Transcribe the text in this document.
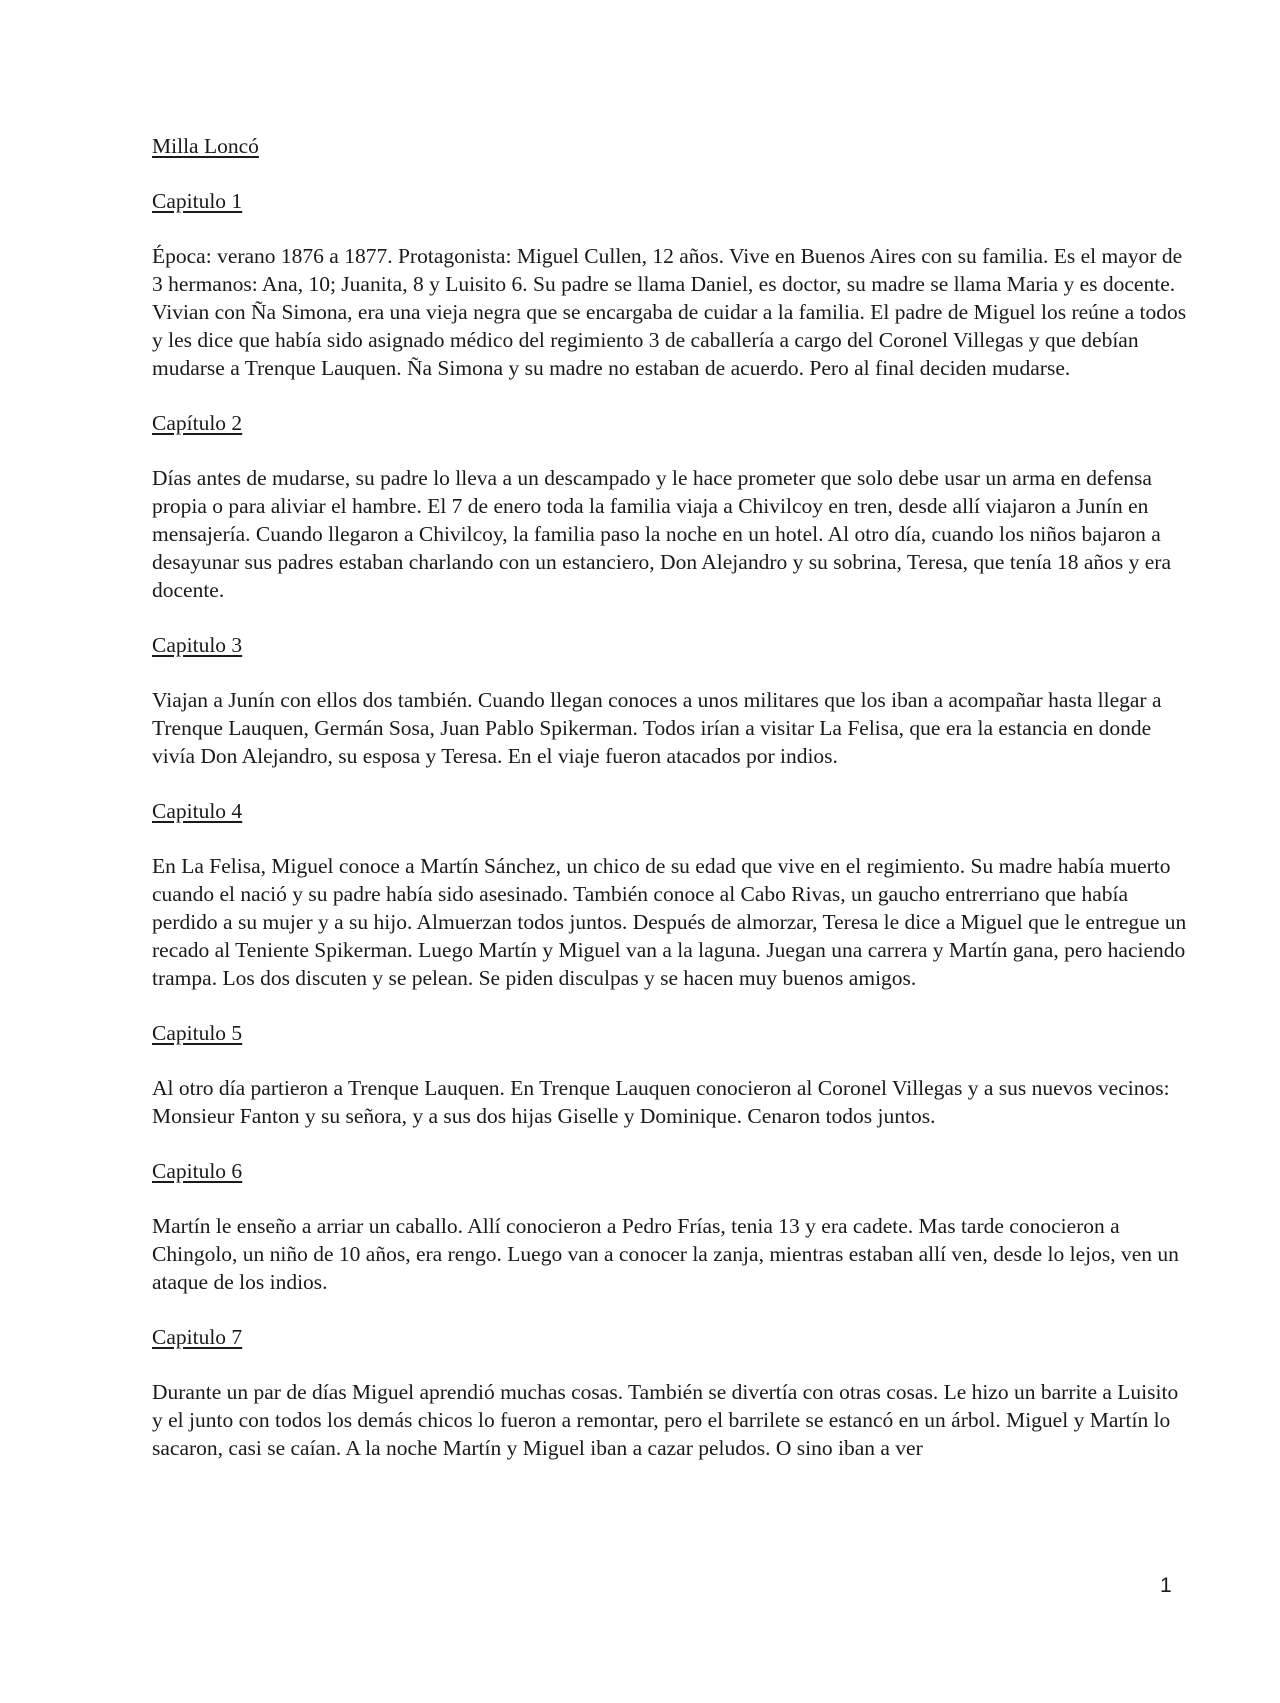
Milla Loncó
Capitulo 1

Época: verano 1876 a 1877. Protagonista: Miguel Cullen, 12 años. Vive en Buenos Aires con su familia. Es el mayor de 3 hermanos: Ana, 10; Juanita, 8 y Luisito 6. Su padre se llama Daniel, es doctor, su madre se llama Maria y es docente. Vivian con Ña Simona, era una vieja negra que se encargaba de cuidar a la familia. El padre de Miguel los reúne a todos y les dice que había sido asignado médico del regimiento 3 de caballería a cargo del Coronel Villegas y que debían mudarse a Trenque Lauquen. Ña Simona y su madre no estaban de acuerdo. Pero al final deciden mudarse.

Capítulo 2

Días antes de mudarse, su padre lo lleva a un descampado y le hace prometer que solo debe usar un arma en defensa propia o para aliviar el hambre. El 7 de enero toda la familia viaja a Chivilcoy en tren, desde allí viajaron a Junín en mensajería. Cuando llegaron a Chivilcoy, la familia paso la noche en un hotel. Al otro día, cuando los niños bajaron a desayunar sus padres estaban charlando con un estanciero, Don Alejandro y su sobrina, Teresa, que tenía 18 años y era docente.

Capitulo 3

Viajan a Junín con ellos dos también. Cuando llegan conoces a unos militares que los iban a acompañar hasta llegar a Trenque Lauquen, Germán Sosa, Juan Pablo Spikerman. Todos irían a visitar La Felisa, que era la estancia en donde vivía Don Alejandro, su esposa y Teresa. En el viaje fueron atacados por indios.

Capitulo 4

En La Felisa, Miguel conoce a Martín Sánchez, un chico de su edad que vive en el regimiento. Su madre había muerto cuando el nació y su padre había sido asesinado. También conoce al Cabo Rivas, un gaucho entrerriano que había perdido a su mujer y a su hijo. Almuerzan todos juntos. Después de almorzar, Teresa le dice a Miguel que le entregue un recado al Teniente Spikerman. Luego Martín y Miguel van a la laguna. Juegan una carrera y Martín gana, pero haciendo trampa. Los dos discuten y se pelean. Se piden disculpas y se hacen muy buenos amigos.

Capitulo 5

Al otro día partieron a Trenque Lauquen. En Trenque Lauquen conocieron al Coronel Villegas y a sus nuevos vecinos: Monsieur Fanton y su señora, y a sus dos hijas Giselle y Dominique. Cenaron todos juntos.

Capitulo 6

Martín le enseño a arriar un caballo. Allí conocieron a Pedro Frías, tenia 13 y era cadete. Mas tarde conocieron a Chingolo, un niño de 10 años, era rengo. Luego van a conocer la zanja, mientras estaban allí ven, desde lo lejos, ven un ataque de los indios.

Capitulo 7

Durante un par de días Miguel aprendió muchas cosas. También se divertía con otras cosas. Le hizo un barrite a Luisito y el junto con todos los demás chicos lo fueron a remontar, pero el barrilete se estancó en un árbol. Miguel y Martín lo sacaron, casi se caían. A la noche Martín y Miguel iban a cazar peludos. O sino iban a ver

1
